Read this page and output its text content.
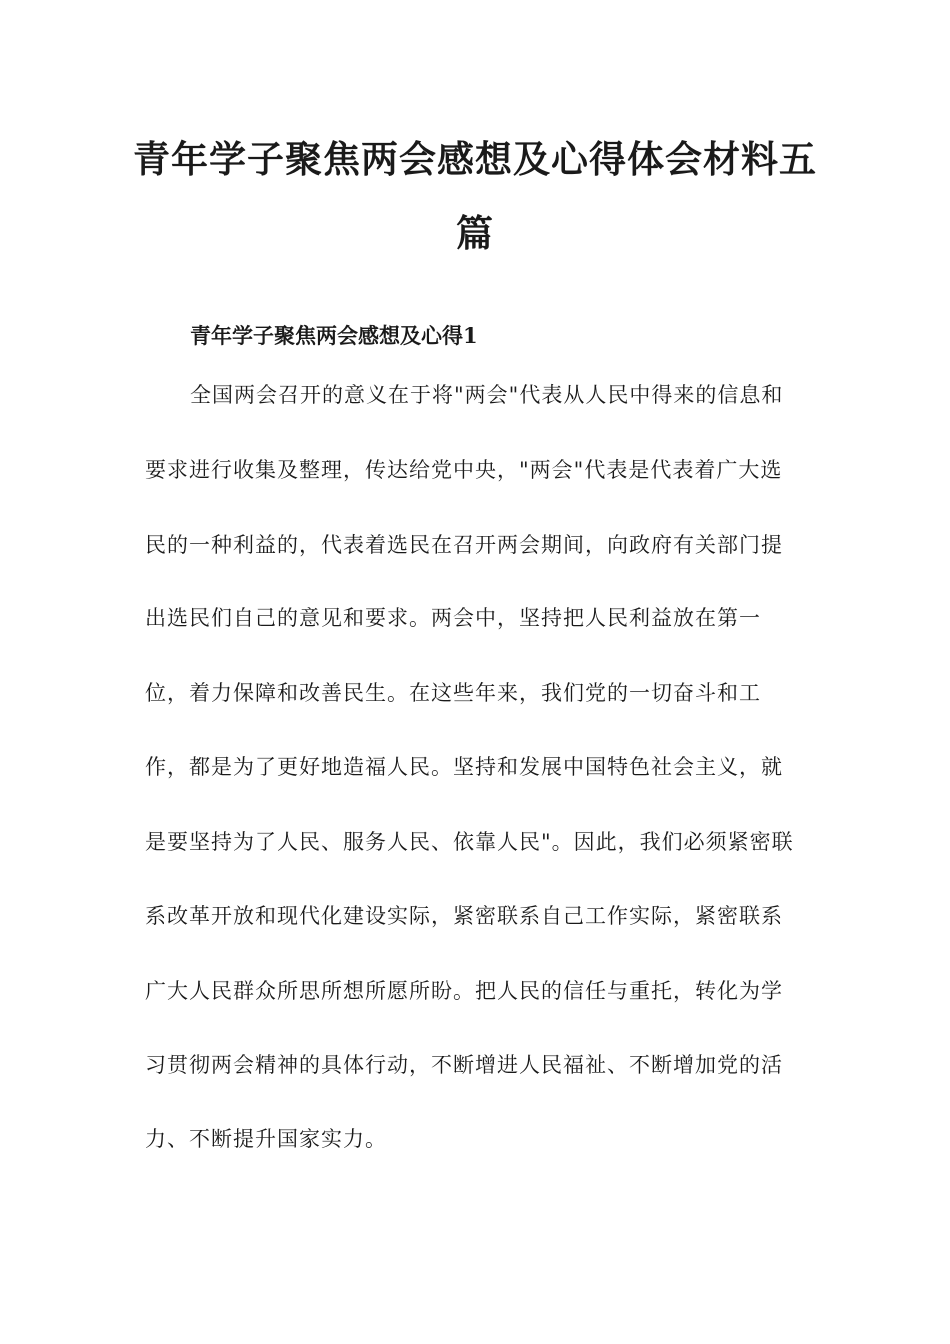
青年学子聚焦两会感想及心得体会材料五篇

青年学子聚焦两会感想及心得1

全国两会召开的意义在于将"两会"代表从人民中得来的信息和

要求进行收集及整理，传达给党中央，"两会"代表是代表着广大选

民的一种利益的，代表着选民在召开两会期间，向政府有关部门提

出选民们自己的意见和要求。两会中，坚持把人民利益放在第一

位，着力保障和改善民生。在这些年来，我们党的一切奋斗和工

作，都是为了更好地造福人民。坚持和发展中国特色社会主义，就

是要坚持为了人民、服务人民、依靠人民"。因此，我们必须紧密联

系改革开放和现代化建设实际，紧密联系自己工作实际，紧密联系

广大人民群众所思所想所愿所盼。把人民的信任与重托，转化为学

习贯彻两会精神的具体行动，不断增进人民福祉、不断增加党的活

力、不断提升国家实力。
